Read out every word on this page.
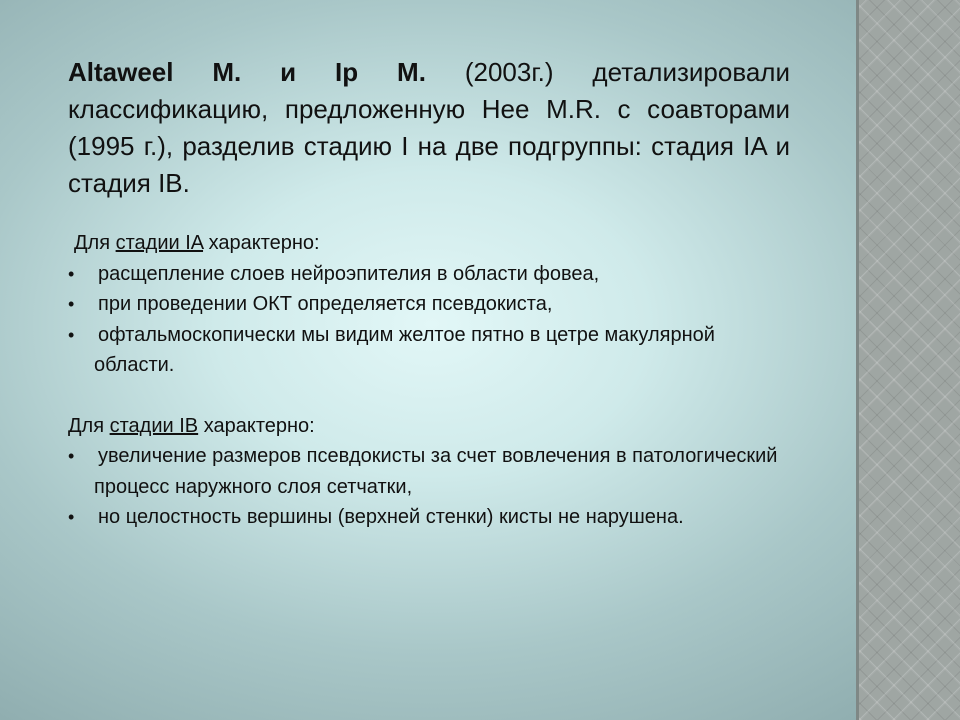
Altaweel M. и Ip M. (2003г.) детализировали классификацию, предложенную Hee M.R. с соавторами (1995 г.), разделив стадию I на две подгруппы: стадия IA и стадия IB.

Для стадии IA характерно:

• расщепление слоев нейроэпителия в области фовеа,
• при проведении ОКТ определяется псевдокиста,
• офтальмоскопически мы видим желтое пятно в цетре макулярной области.

Для стадии IB характерно:

• увеличение размеров псевдокисты за счет вовлечения в патологический процесс наружного слоя сетчатки,
• но целостность вершины (верхней стенки) кисты не нарушена.
